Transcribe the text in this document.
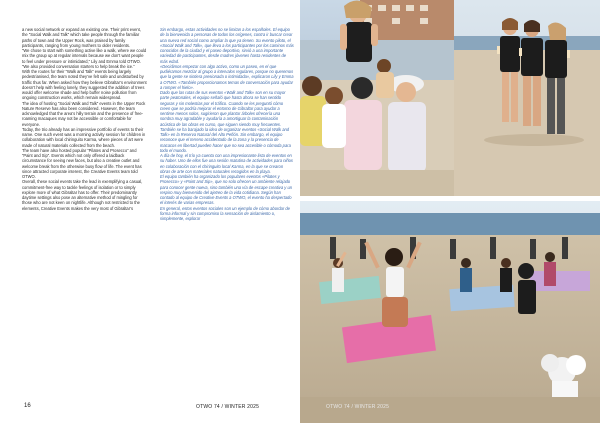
a new social network or expand an existing one. Their print event, the “Social Walk and Talk” which take people through the familiar paths of town and the Upper Rock, was praised by family participants, ranging from young mothers to older residents.

“We chose to start with something active like a walk, where we could mix the group up at regular intervals because we don’t want people to feel under pressure or intimidated,” Lily and Emma told OTWO. “We also provided conversation starters to help break the ice.”

With the routes for their “Walk and Talk” events being largely pedestrianised, the team noted they’ve felt safe and undisturbed by traffic thus far. When asked how they believe Gibraltar’s environment doesn’t help with feeling lonely, they suggested the addition of trees would offer welcome shade and help buffer noise pollution from ongoing construction works, which remain widespread.

The idea of hosting “Social Walk and Talk” events in the Upper Rock Nature Reserve has also been considered. However, the team acknowledged that the area’s hilly terrain and the presence of free-roaming macaques may not be accessible or comfortable for everyone.

Today, the trio already has an impressive portfolio of events to their name. One such event was a morning activity session for children in collaboration with local chiringuito Karma, where pieces of art were made of natural materials collected from the beach.

The team have also hosted popular “Pilates and Prosecco” and “Paint and Sip”. Events which not only offered a laidback circumstance for seeing new faces, but also a creative outlet and welcome break from the otherwise busy flow of life. The event has since attracted corporate interest, the Creative Events team told OTWO.

Overall, these social events take the lead in exemplifying a casual, commitment-free way to tackle feelings of isolation or to simply explore more of what Gibraltar has to offer. Their predominantly daytime settings also pose an alternative method of mingling for those who are not keen on nightlife. Although not restricted to the elements, Creative Events makes the very most of Gibraltar’s

Sin embargo, estas actividades no se limitan a los españoles. El equipo de la bienvenida a personas de todos los orígenes, contra ir buscar crear una nueva red social como ampliar la que ya tienen. Su evento piloto, el «Social Walk and Talk», que lleva a los participantes por los caminos más conocidos de la ciudad y el paseo deportivo, sirvió a una importante variedad de participantes, desde madres jóvenes hasta residentes de más edad.

«Decidimos empezar con algo activo, como un paseo, en el que pudiéramos mezclar al grupo a intervalos regulares, porque no queremos que la gente se sintiera presionada o intimidada», explicaron Lily y Emma a OTWO. «También proporcionamos temas de conversación para ayudar a romper el hielo».

Dado que las rutas de sus eventos «Walk and Talk» son en su mayor parte peatonales, el equipo señaló que hasta ahora se han sentido seguras y sin molestias por el tráfico. Cuando se les preguntó cómo creen que se podría mejorar el entorno de Gibraltar para ayudar a sentirse menos solos, sugirieron que plantar árboles ofrecería una sombra muy agradable y ayudaría a amortiguar la contaminación acústica de las obras en curso, que siguen siendo muy frecuentes.

También se ha barajado la idea de organizar eventos «Social Walk and Talk» en la Reserva Natural del Alto Peñón. Sin embargo, el equipo reconoce que el terreno accidentado de la zona y la presencia de macacos en libertad pueden hacer que no sea accesible o cómoda para todo el mundo.

A día de hoy, el trío ya cuenta con una impresionante lista de eventos en su haber. Uno de ellos fue una sesión matutina de actividades para niños en colaboración con el chiringuito local Karma, en la que se crearon obras de arte con materiales naturales recogidos en la playa.

El equipo también ha organizado los populares eventos «Pilates y Prosecco» y «Paint and Sip», que no solo ofrecen un ambiente relajado para conocer gente nueva, sino también una vía de escape creativa y un respiro muy bienvenido del ajetreo de la vida cotidiana. Según han contado al equipo de Creative Events a OTWO, el evento ha despertado el interés de varias empresas.

En general, estos eventos sociales son un ejemplo de cómo abordar de forma informal y sin compromiso la sensación de aislamiento o, simplemente, explorar

16	OTWO 74 / WINTER 2025	OTWO 74 / WINTER 2025
